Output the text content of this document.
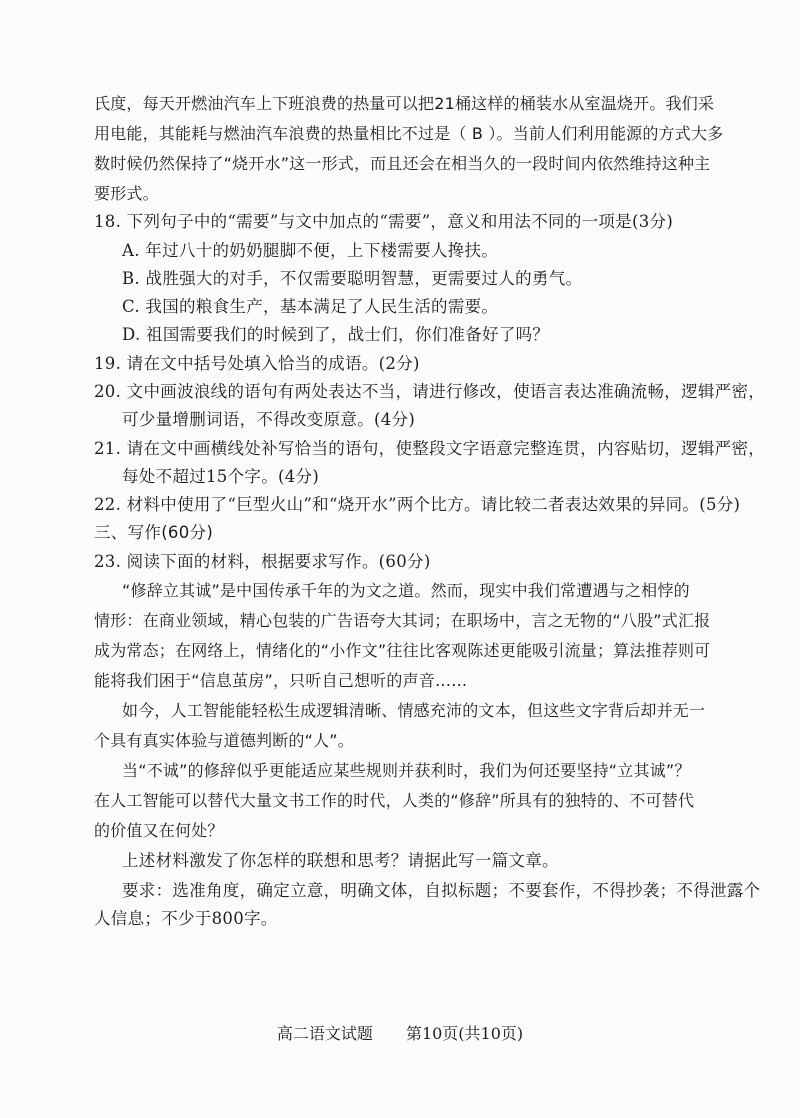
氏度，每天开燃油汽车上下班浪费的热量可以把21桶这样的桶装水从室温烧开。我们采
用电能，其能耗与燃油汽车浪费的热量相比不过是（ B ）。当前人们利用能源的方式大多
数时候仍然保持了“烧开水”这一形式，而且还会在相当久的一段时间内依然维持这种主
要形式。
18. 下列句子中的“需要”与文中加点的“需要”，意义和用法不同的一项是(3分)
A. 年过八十的奶奶腿脚不便，上下楼需要人搀扶。
B. 战胜强大的对手，不仅需要聪明智慧，更需要过人的勇气。
C. 我国的粮食生产，基本满足了人民生活的需要。
D. 祖国需要我们的时候到了，战士们，你们准备好了吗？
19. 请在文中括号处填入恰当的成语。(2分)
20. 文中画波浪线的语句有两处表达不当，请进行修改，使语言表达准确流畅，逻辑严密，
可少量增删词语，不得改变原意。(4分)
21. 请在文中画横线处补写恰当的语句，使整段文字语意完整连贯，内容贴切，逻辑严密，
每处不超过15个字。(4分)
22. 材料中使用了“巨型火山”和“烧开水”两个比方。请比较二者表达效果的异同。(5分)
三、写作(60分)
23. 阅读下面的材料，根据要求写作。(60分)
“修辞立其诚”是中国传承千年的为文之道。然而，现实中我们常遭遇与之相悖的
情形：在商业领域，精心包装的广告语夸大其词；在职场中，言之无物的“八股”式汇报
成为常态；在网络上，情绪化的“小作文”往往比客观陈述更能吸引流量；算法推荐则可
能将我们困于“信息茧房”，只听自己想听的声音……
如今，人工智能能轻松生成逻辑清晰、情感充沛的文本，但这些文字背后却并无一
个具有真实体验与道德判断的“人”。
当“不诚”的修辞似乎更能适应某些规则并获利时，我们为何还要坚持“立其诚”？
在人工智能可以替代大量文书工作的时代，人类的“修辞”所具有的独特的、不可替代
的价值又在何处？
上述材料激发了你怎样的联想和思考？请据此写一篇文章。
要求：选准角度，确定立意，明确文体，自拟标题；不要套作，不得抄袭；不得泄露个
人信息；不少于800字。
高二语文试题 第10页(共10页)
